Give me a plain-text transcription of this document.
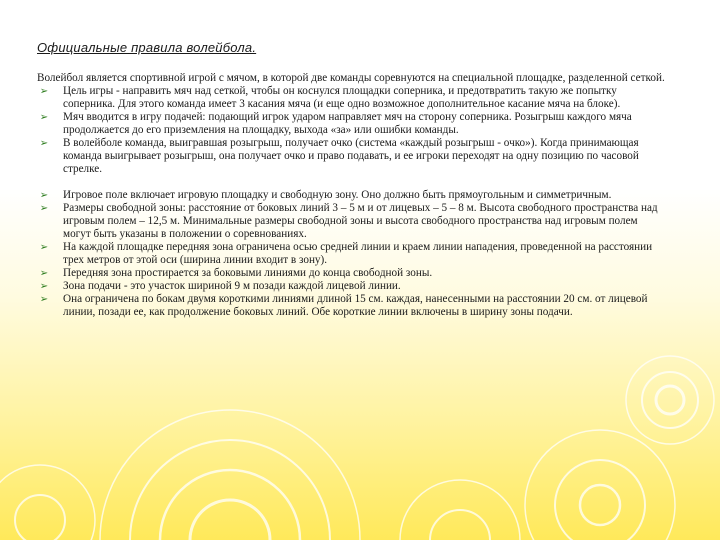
Официальные правила волейбола.

Волейбол является спортивной игрой с мячом, в которой две команды соревнуются на специальной площадке, разделенной сеткой.

➢ Цель игры - направить мяч над сеткой, чтобы он коснулся площадки соперника, и предотвратить такую же попытку соперника. Для этого команда имеет 3 касания мяча (и еще одно возможное дополнительное касание мяча на блоке).
➢ Мяч вводится в игру подачей: подающий игрок ударом направляет мяч на сторону соперника. Розыгрыш каждого мяча продолжается до его приземления на площадку, выхода «за» или ошибки команды.
➢ В волейболе команда, выигравшая розыгрыш, получает очко (система «каждый розыгрыш - очко»). Когда принимающая команда выигрывает розыгрыш, она получает очко и право подавать, и ее игроки переходят на одну позицию по часовой стрелке.
➢ Игровое поле включает игровую площадку и свободную зону. Оно должно быть прямоугольным и симметричным.
➢ Размеры свободной зоны: расстояние от боковых линий 3 – 5 м и от лицевых – 5 – 8 м. Высота свободного пространства над игровым полем – 12,5 м. Минимальные размеры свободной зоны и высота свободного пространства над игровым полем могут быть указаны в положении о соревнованиях.
➢ На каждой площадке передняя зона ограничена осью средней линии и краем линии нападения, проведенной на расстоянии трех метров от этой оси (ширина линии входит в зону).
➢ Передняя зона простирается за боковыми линиями до конца свободной зоны.
➢ Зона подачи - это участок шириной 9 м позади каждой лицевой линии.
➢ Она ограничена по бокам двумя короткими линиями длиной 15 см. каждая, нанесенными на расстоянии 20 см. от лицевой линии, позади ее, как продолжение боковых линий. Обе короткие линии включены в ширину зоны подачи.
